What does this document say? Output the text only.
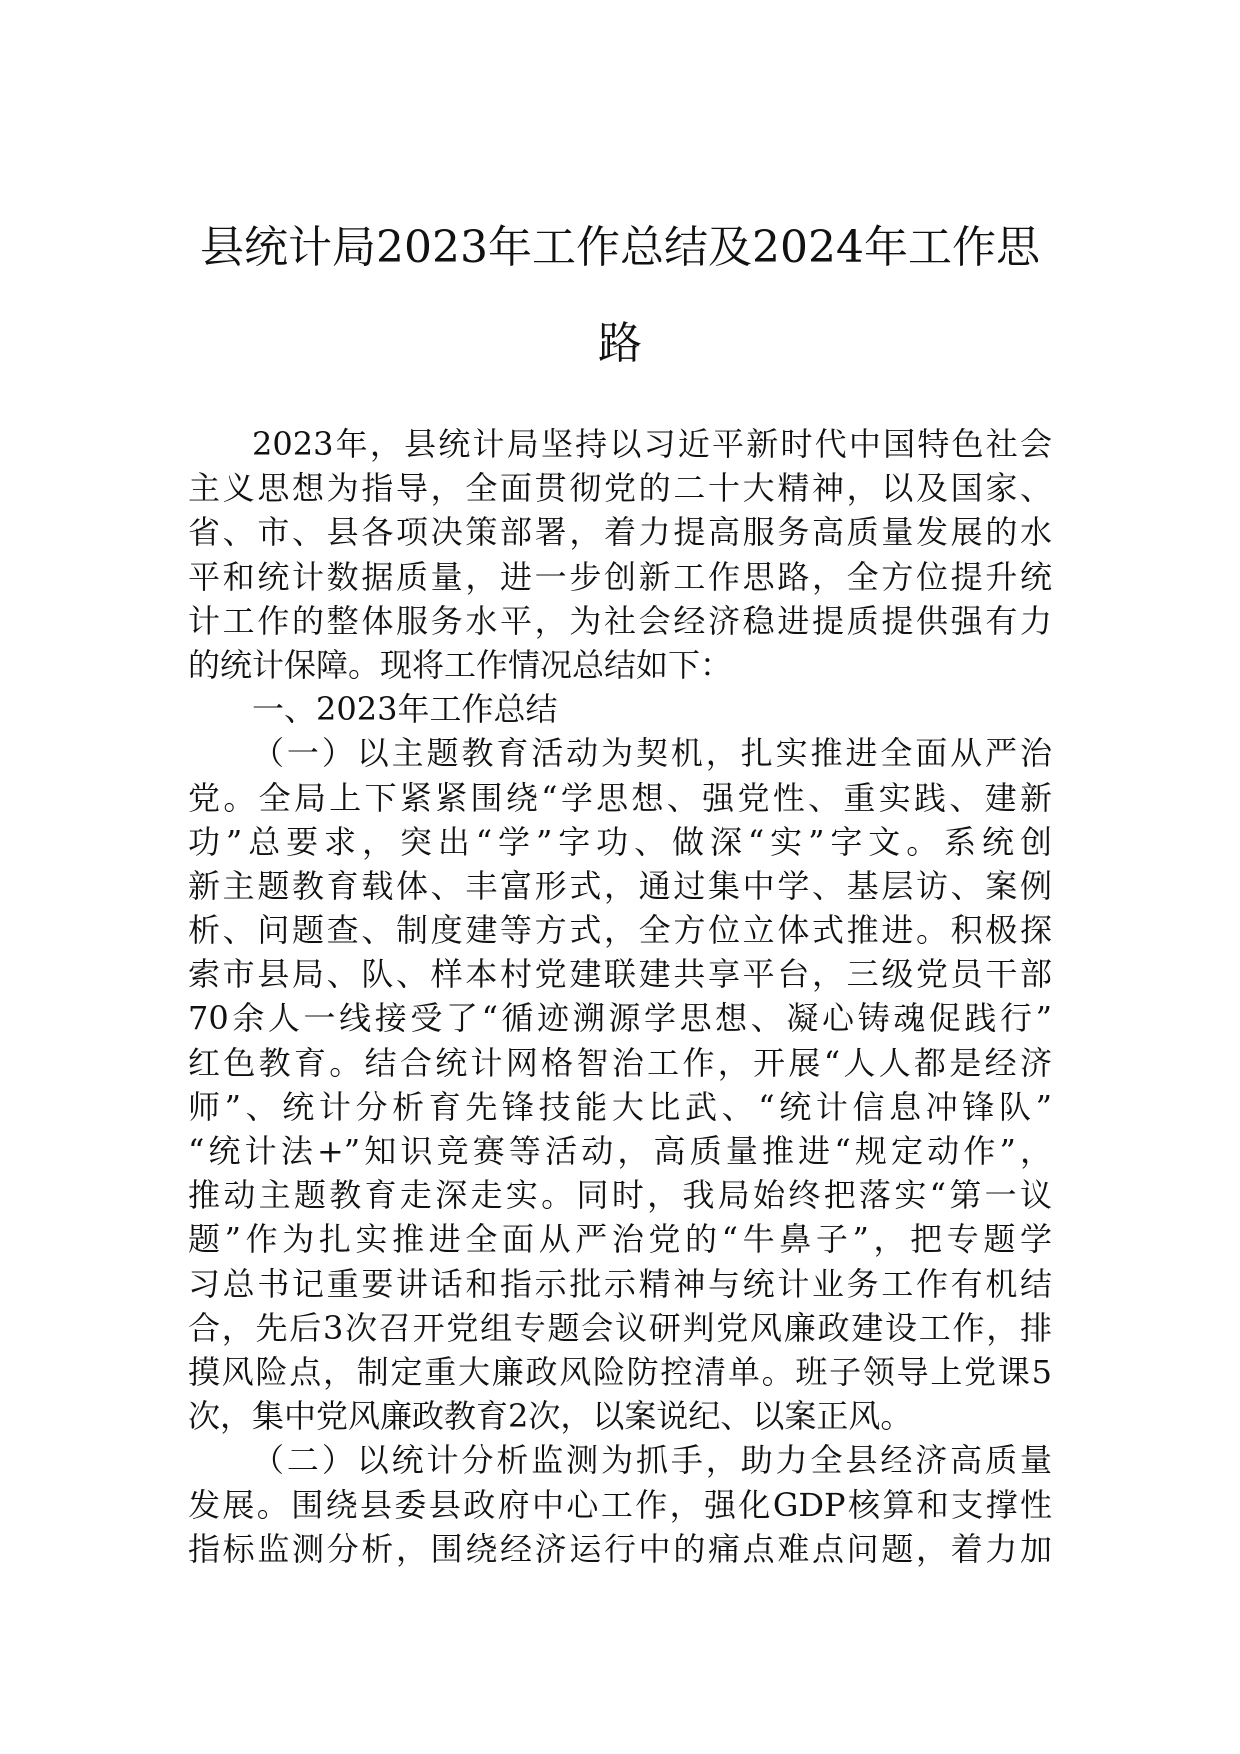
县统计局2023年工作总结及2024年工作思
路
2023年，县统计局坚持以习近平新时代中国特色社会
主义思想为指导，全面贯彻党的二十大精神，以及国家、
省、市、县各项决策部署，着力提高服务高质量发展的水
平和统计数据质量，进一步创新工作思路，全方位提升统
计工作的整体服务水平，为社会经济稳进提质提供强有力
的统计保障。现将工作情况总结如下：
一、2023年工作总结
（一）以主题教育活动为契机，扎实推进全面从严治
党。全局上下紧紧围绕“学思想、强党性、重实践、建新
功”总要求，突出“学”字功、做深“实”字文。系统创
新主题教育载体、丰富形式，通过集中学、基层访、案例
析、问题查、制度建等方式，全方位立体式推进。积极探
索市县局、队、样本村党建联建共享平台，三级党员干部
70余人一线接受了“循迹溯源学思想、凝心铸魂促践行”
红色教育。结合统计网格智治工作，开展“人人都是经济
师”、统计分析育先锋技能大比武、“统计信息冲锋队”
“统计法+”知识竞赛等活动，高质量推进“规定动作”，
推动主题教育走深走实。同时，我局始终把落实“第一议
题”作为扎实推进全面从严治党的“牛鼻子”，把专题学
习总书记重要讲话和指示批示精神与统计业务工作有机结
合，先后3次召开党组专题会议研判党风廉政建设工作，排
摸风险点，制定重大廉政风险防控清单。班子领导上党课5
次，集中党风廉政教育2次，以案说纪、以案正风。
（二）以统计分析监测为抓手，助力全县经济高质量
发展。围绕县委县政府中心工作，强化GDP核算和支撑性
指标监测分析，围绕经济运行中的痛点难点问题，着力加
